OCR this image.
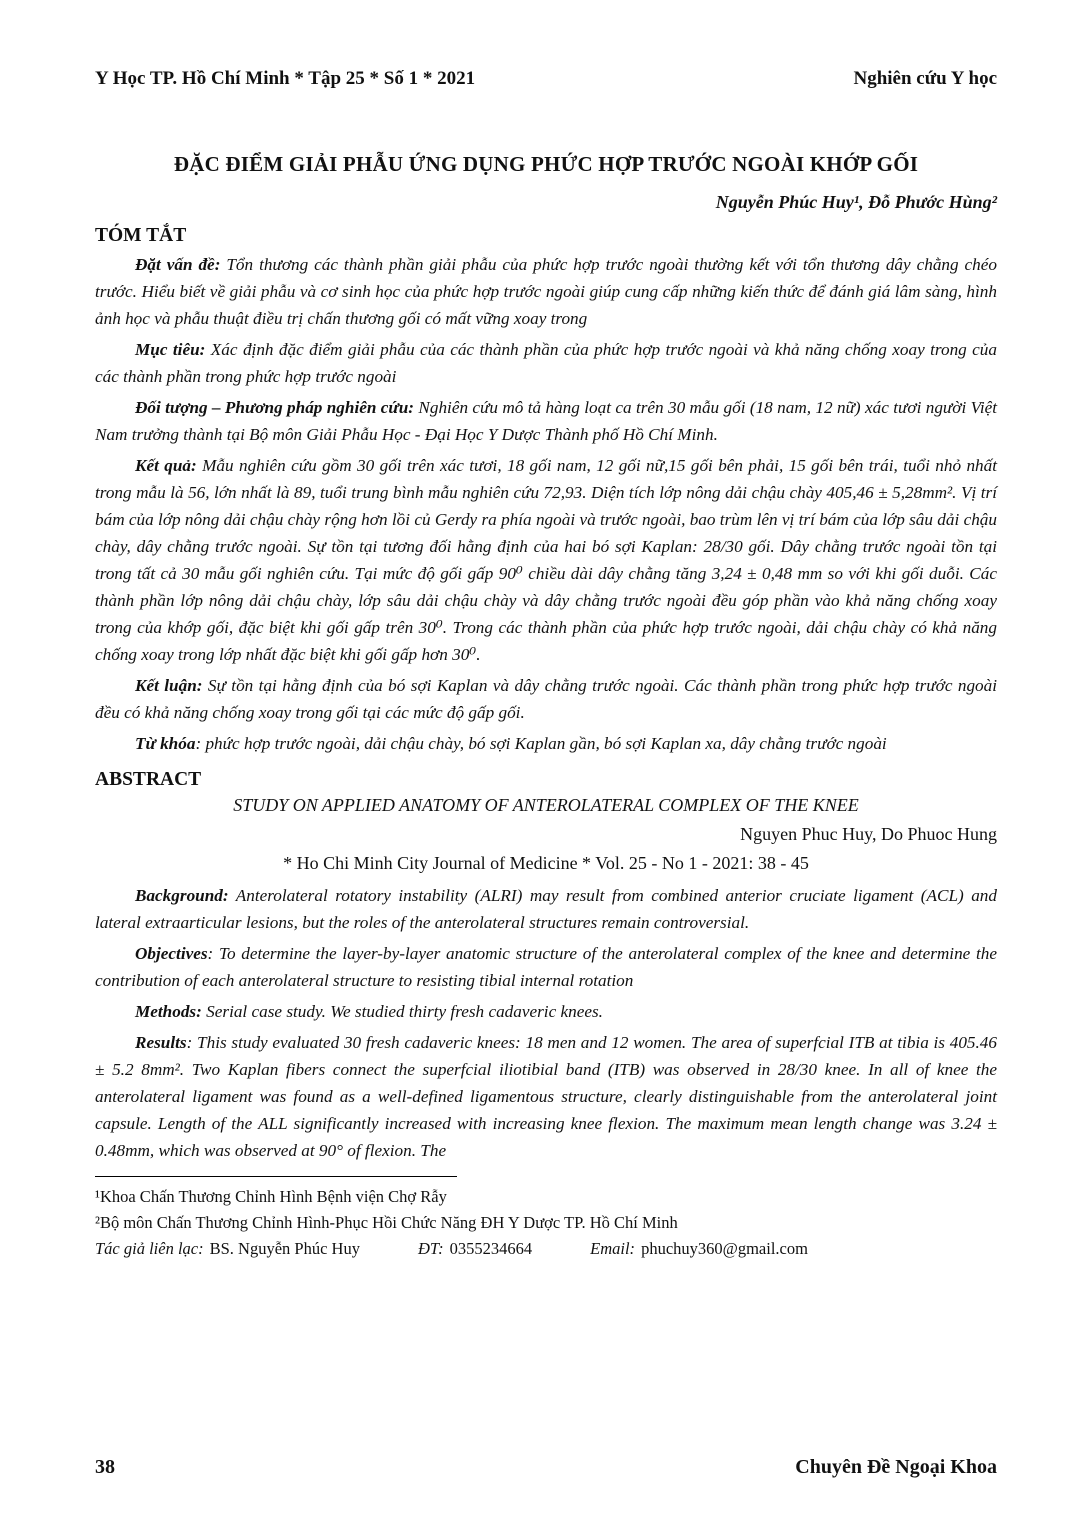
Y Học TP. Hồ Chí Minh * Tập 25 * Số 1 * 2021	Nghiên cứu Y học
ĐẶC ĐIỂM GIẢI PHẪU ỨNG DỤNG PHỨC HỢP TRƯỚC NGOÀI KHỚP GỐI
Nguyễn Phúc Huy¹, Đỗ Phước Hùng²
TÓM TẮT

Đặt vấn đề: Tổn thương các thành phần giải phẫu của phức hợp trước ngoài thường kết với tổn thương dây chằng chéo trước. Hiểu biết về giải phẫu và cơ sinh học của phức hợp trước ngoài giúp cung cấp những kiến thức để đánh giá lâm sàng, hình ảnh học và phẫu thuật điều trị chấn thương gối có mất vững xoay trong

Mục tiêu: Xác định đặc điểm giải phẫu của các thành phần của phức hợp trước ngoài và khả năng chống xoay trong của các thành phần trong phức hợp trước ngoài

Đối tượng – Phương pháp nghiên cứu: Nghiên cứu mô tả hàng loạt ca trên 30 mẫu gối (18 nam, 12 nữ) xác tươi người Việt Nam trưởng thành tại Bộ môn Giải Phẫu Học - Đại Học Y Dược Thành phố Hồ Chí Minh.

Kết quả: Mẫu nghiên cứu gồm 30 gối trên xác tươi, 18 gối nam, 12 gối nữ,15 gối bên phải, 15 gối bên trái, tuổi nhỏ nhất trong mẫu là 56, lớn nhất là 89, tuổi trung bình mẫu nghiên cứu 72,93. Diện tích lớp nông dải chậu chày 405,46 ± 5,28mm². Vị trí bám của lớp nông dải chậu chày rộng hơn lồi củ Gerdy ra phía ngoài và trước ngoài, bao trùm lên vị trí bám của lớp sâu dải chậu chày, dây chằng trước ngoài. Sự tồn tại tương đối hằng định của hai bó sợi Kaplan: 28/30 gối. Dây chằng trước ngoài tồn tại trong tất cả 30 mẫu gối nghiên cứu. Tại mức độ gối gấp 90⁰ chiều dài dây chằng tăng 3,24 ± 0,48 mm so với khi gối duỗi. Các thành phần lớp nông dải chậu chày, lớp sâu dải chậu chày và dây chằng trước ngoài đều góp phần vào khả năng chống xoay trong của khớp gối, đặc biệt khi gối gấp trên 30⁰. Trong các thành phần của phức hợp trước ngoài, dải chậu chày có khả năng chống xoay trong lớp nhất đặc biệt khi gối gấp hơn 30⁰.

Kết luận: Sự tồn tại hằng định của bó sợi Kaplan và dây chằng trước ngoài. Các thành phần trong phức hợp trước ngoài đều có khả năng chống xoay trong gối tại các mức độ gấp gối.

Từ khóa: phức hợp trước ngoài, dải chậu chày, bó sợi Kaplan gần, bó sợi Kaplan xa, dây chằng trước ngoài

ABSTRACT
STUDY ON APPLIED ANATOMY OF ANTEROLATERAL COMPLEX OF THE KNEE
Nguyen Phuc Huy, Do Phuoc Hung
* Ho Chi Minh City Journal of Medicine * Vol. 25 - No 1 - 2021: 38 - 45

Background: Anterolateral rotatory instability (ALRI) may result from combined anterior cruciate ligament (ACL) and lateral extraarticular lesions, but the roles of the anterolateral structures remain controversial.

Objectives: To determine the layer-by-layer anatomic structure of the anterolateral complex of the knee and determine the contribution of each anterolateral structure to resisting tibial internal rotation

Methods: Serial case study. We studied thirty fresh cadaveric knees.

Results: This study evaluated 30 fresh cadaveric knees: 18 men and 12 women. The area of superfcial ITB at tibia is 405.46 ± 5.2 8mm². Two Kaplan fibers connect the superfcial iliotibial band (ITB) was observed in 28/30 knee. In all of knee the anterolateral ligament was found as a well-defined ligamentous structure, clearly distinguishable from the anterolateral joint capsule. Length of the ALL significantly increased with increasing knee flexion. The maximum mean length change was 3.24 ± 0.48mm, which was observed at 90° of flexion. The

¹Khoa Chấn Thương Chỉnh Hình Bệnh viện Chợ Rẫy
²Bộ môn Chấn Thương Chỉnh Hình-Phục Hồi Chức Năng ĐH Y Dược TP. Hồ Chí Minh
Tác giả liên lạc: BS. Nguyễn Phúc Huy	ĐT: 0355234664	Email: phuchuy360@gmail.com
38	Chuyên Đề Ngoại Khoa
